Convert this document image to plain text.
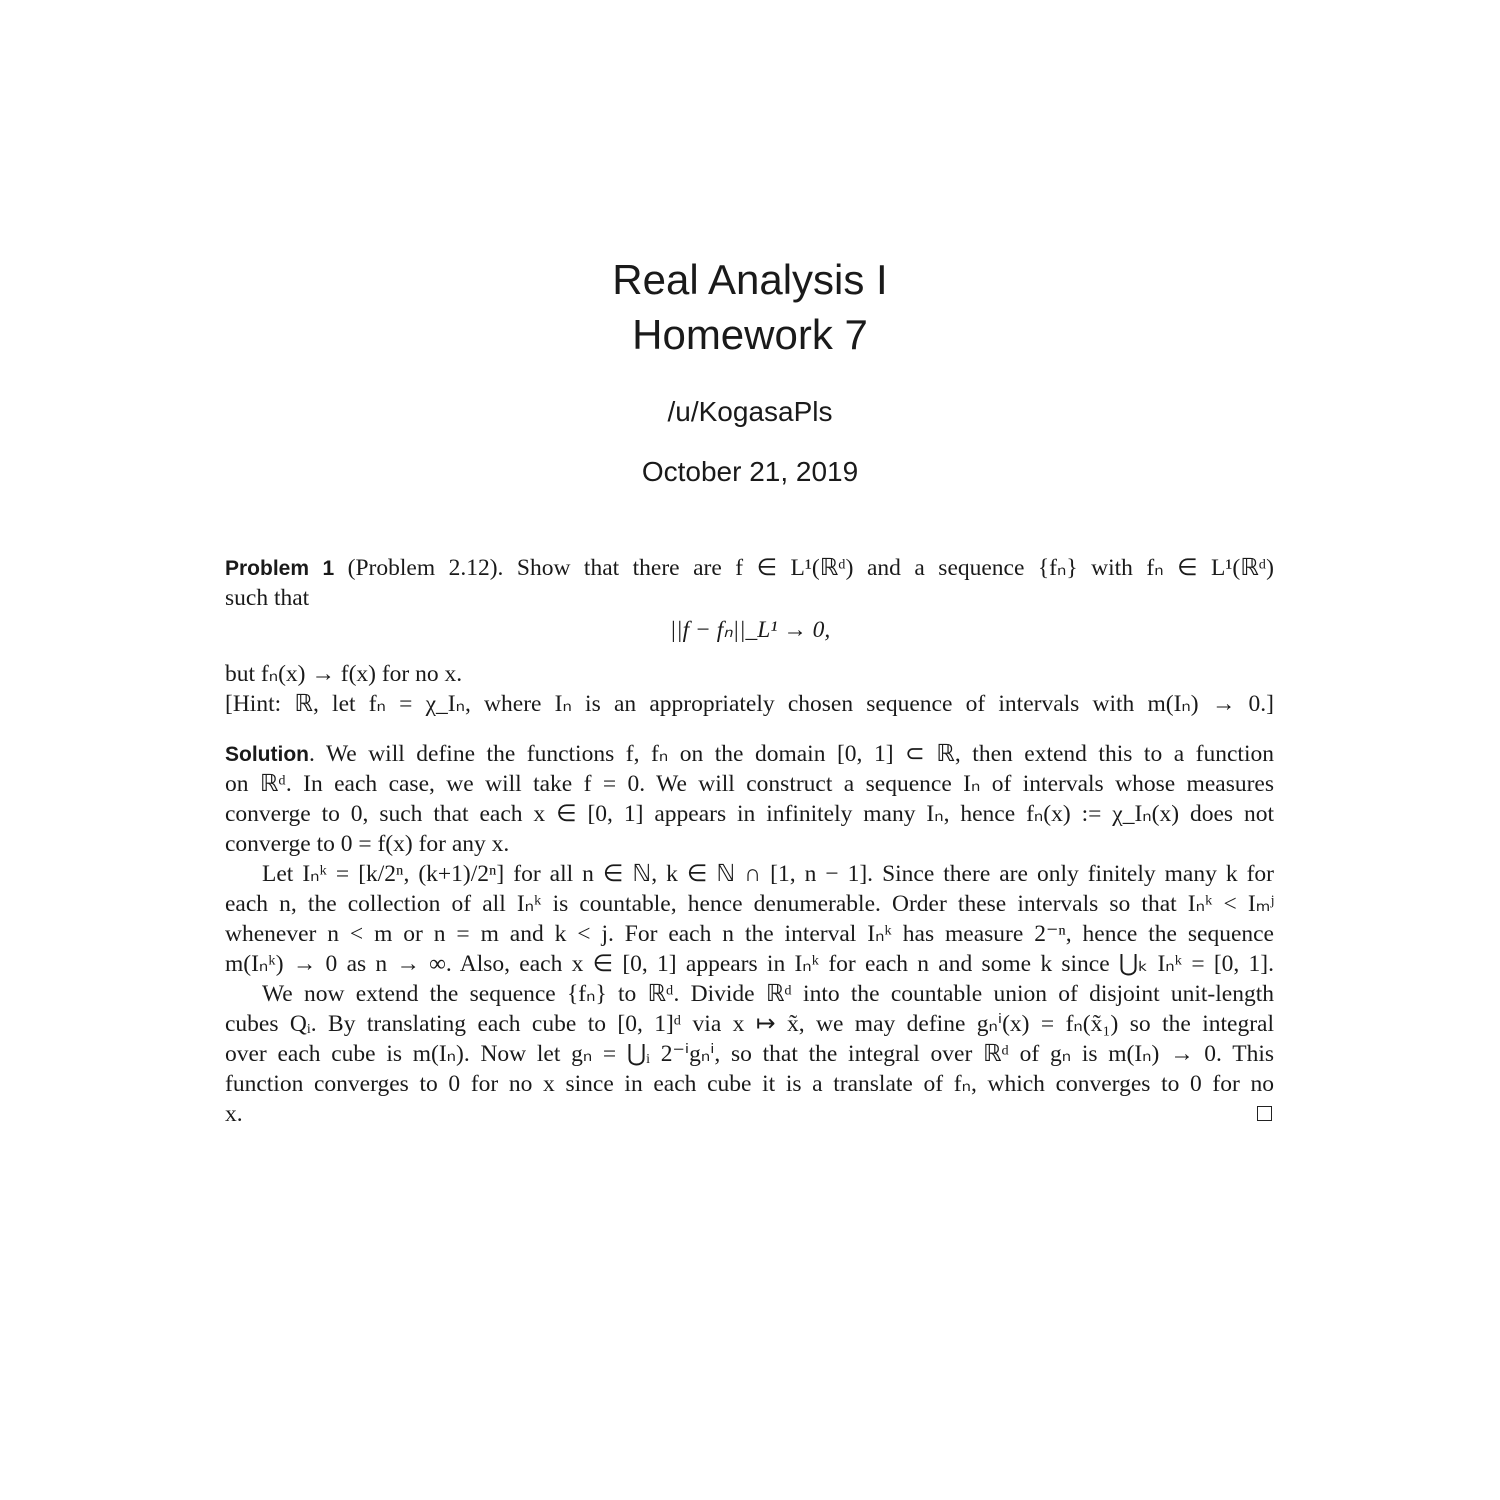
Real Analysis I
Homework 7
/u/KogasaPls
October 21, 2019
Problem 1 (Problem 2.12). Show that there are f ∈ L¹(ℝᵈ) and a sequence {fₙ} with fₙ ∈ L¹(ℝᵈ)
such that
||f − fₙ||_L¹ → 0,
but fₙ(x) → f(x) for no x.
[Hint: ℝ, let fₙ = χ_Iₙ, where Iₙ is an appropriately chosen sequence of intervals with m(Iₙ) → 0.]
Solution. We will define the functions f, fₙ on the domain [0, 1] ⊂ ℝ, then extend this to a function
on ℝᵈ. In each case, we will take f = 0. We will construct a sequence Iₙ of intervals whose measures
converge to 0, such that each x ∈ [0, 1] appears in infinitely many Iₙ, hence fₙ(x) := χ_Iₙ(x) does not
converge to 0 = f(x) for any x.
Let Iₙᵏ = [k/2ⁿ, (k+1)/2ⁿ] for all n ∈ ℕ, k ∈ ℕ ∩ [1, n − 1]. Since there are only finitely many k for
each n, the collection of all Iₙᵏ is countable, hence denumerable. Order these intervals so that Iₙᵏ < Iₘʲ
whenever n < m or n = m and k < j. For each n the interval Iₙᵏ has measure 2⁻ⁿ, hence the sequence
m(Iₙᵏ) → 0 as n → ∞. Also, each x ∈ [0, 1] appears in Iₙᵏ for each n and some k since ⋃ₖ Iₙᵏ = [0, 1].
We now extend the sequence {fₙ} to ℝᵈ. Divide ℝᵈ into the countable union of disjoint unit-length
cubes Qᵢ. By translating each cube to [0, 1]ᵈ via x ↦ x̃, we may define gₙⁱ(x) = fₙ(x̃₁) so the integral
over each cube is m(Iₙ). Now let gₙ = ⋃ᵢ 2⁻ⁱgₙⁱ, so that the integral over ℝᵈ of gₙ is m(Iₙ) → 0. This
function converges to 0 for no x since in each cube it is a translate of fₙ, which converges to 0 for no
x.
